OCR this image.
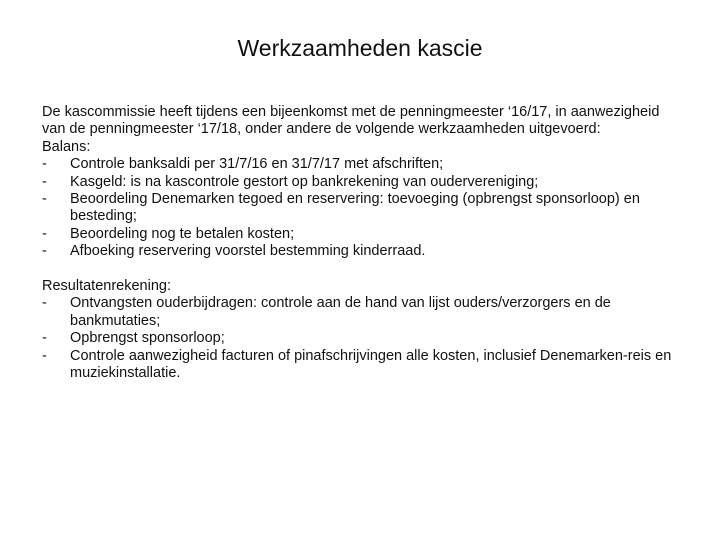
Werkzaamheden kascie

De kascommissie heeft tijdens een bijeenkomst met de penningmeester ‘16/17, in aanwezigheid van de penningmeester ‘17/18, onder andere de volgende werkzaamheden uitgevoerd:

Balans:

- Controle banksaldi per 31/7/16 en 31/7/17 met afschriften;
- Kasgeld: is na kascontrole gestort op bankrekening van oudervereniging;
- Beoordeling Denemarken tegoed en reservering: toevoeging (opbrengst sponsorloop) en besteding;
- Beoordeling nog te betalen kosten;
- Afboeking reservering voorstel bestemming kinderraad.

Resultatenrekening:

- Ontvangsten ouderbijdragen: controle aan de hand van lijst ouders/verzorgers en de bankmutaties;
- Opbrengst sponsorloop;
- Controle aanwezigheid facturen of pinafschrijvingen alle kosten, inclusief Denemarken-reis en muziekinstallatie.
